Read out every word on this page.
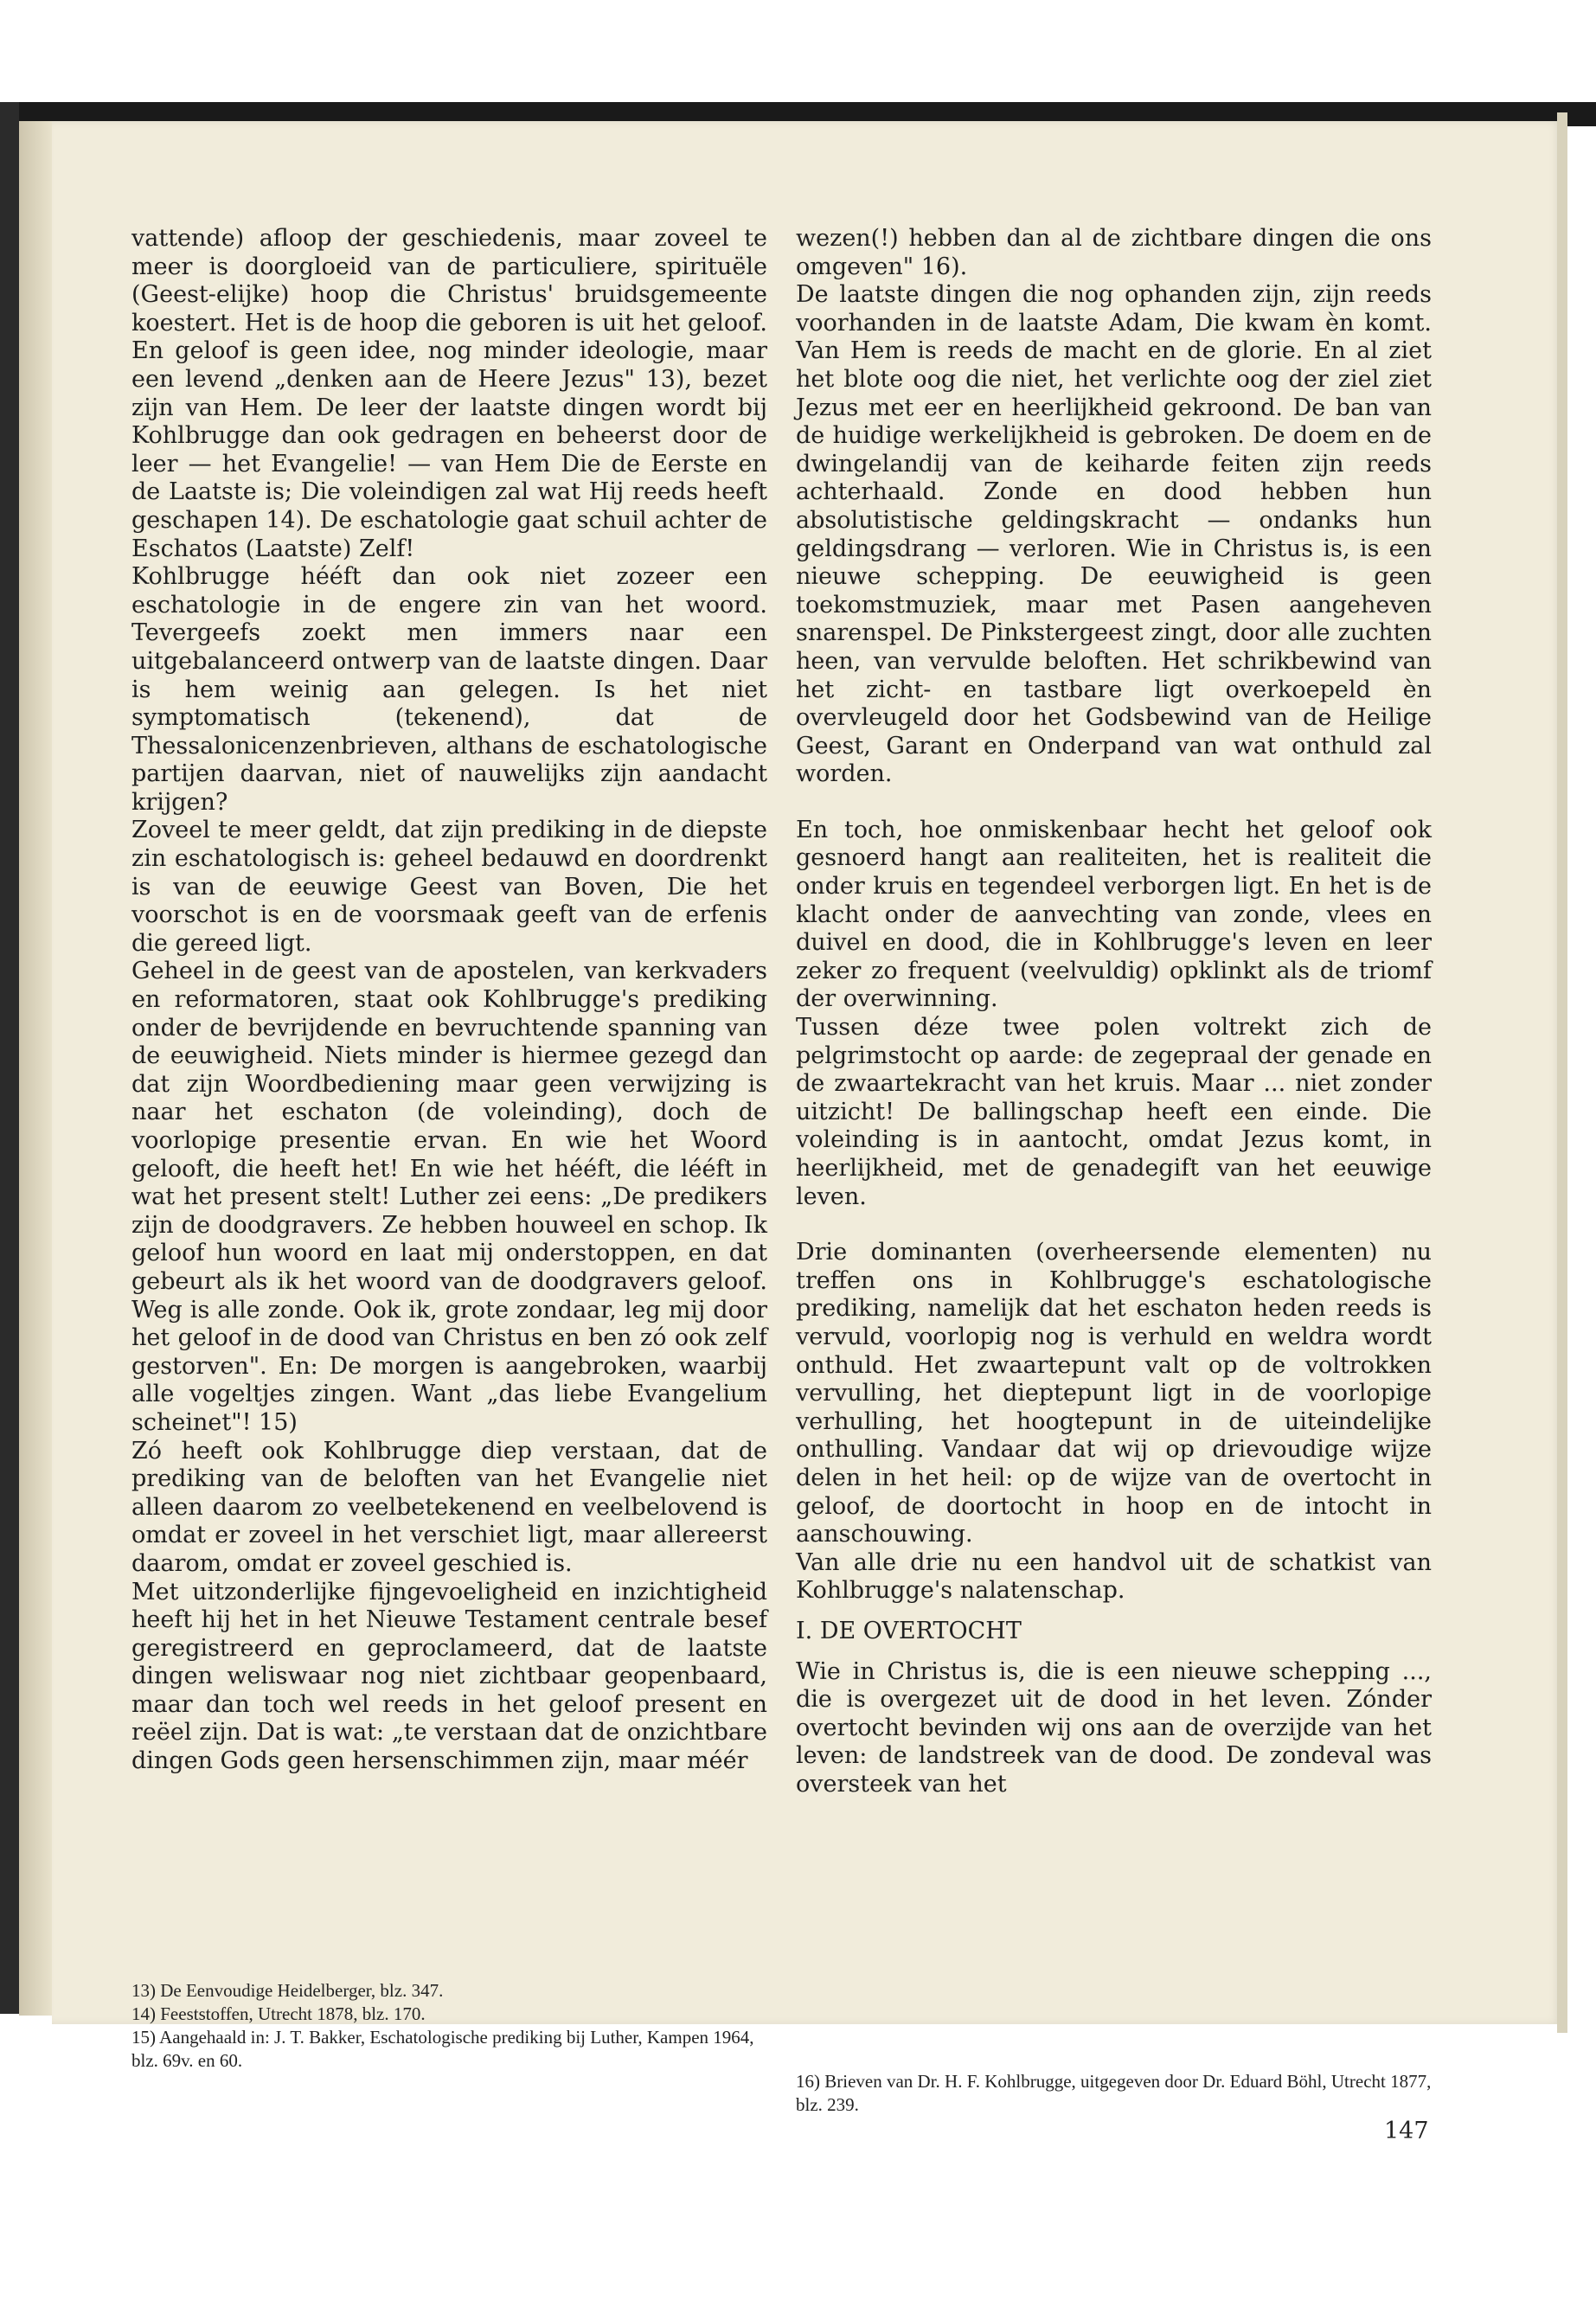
vattende) afloop der geschiedenis, maar zoveel te meer is doorgloeid van de particuliere, spirituële (Geest-elijke) hoop die Christus' bruidsgemeente koestert. Het is de hoop die geboren is uit het geloof. En geloof is geen idee, nog minder ideologie, maar een levend „denken aan de Heere Jezus" 13), bezet zijn van Hem. De leer der laatste dingen wordt bij Kohlbrugge dan ook gedragen en beheerst door de leer — het Evangelie! — van Hem Die de Eerste en de Laatste is; Die voleindigen zal wat Hij reeds heeft geschapen 14). De eschatologie gaat schuil achter de Eschatos (Laatste) Zelf!

Kohlbrugge hééft dan ook niet zozeer een eschatologie in de engere zin van het woord. Tevergeefs zoekt men immers naar een uitgebalanceerd ontwerp van de laatste dingen. Daar is hem weinig aan gelegen. Is het niet symptomatisch (tekenend), dat de Thessalonicenzenbrieven, althans de eschatologische partijen daarvan, niet of nauwelijks zijn aandacht krijgen?

Zoveel te meer geldt, dat zijn prediking in de diepste zin eschatologisch is: geheel bedauwd en doordrenkt is van de eeuwige Geest van Boven, Die het voorschot is en de voorsmaak geeft van de erfenis die gereed ligt.

Geheel in de geest van de apostelen, van kerkvaders en reformatoren, staat ook Kohlbrugge's prediking onder de bevrijdende en bevruchtende spanning van de eeuwigheid. Niets minder is hiermee gezegd dan dat zijn Woordbediening maar geen verwijzing is naar het eschaton (de voleinding), doch de voorlopige presentie ervan. En wie het Woord gelooft, die heeft het! En wie het hééft, die lééft in wat het present stelt! Luther zei eens: „De predikers zijn de doodgravers. Ze hebben houweel en schop. Ik geloof hun woord en laat mij onderstoppen, en dat gebeurt als ik het woord van de doodgravers geloof. Weg is alle zonde. Ook ik, grote zondaar, leg mij door het geloof in de dood van Christus en ben zó ook zelf gestorven". En: De morgen is aangebroken, waarbij alle vogeltjes zingen. Want „das liebe Evangelium scheinet"! 15)

Zó heeft ook Kohlbrugge diep verstaan, dat de prediking van de beloften van het Evangelie niet alleen daarom zo veelbetekenend en veelbelovend is omdat er zoveel in het verschiet ligt, maar allereerst daarom, omdat er zoveel geschied is.

Met uitzonderlijke fijngevoeligheid en inzichtigheid heeft hij het in het Nieuwe Testament centrale besef geregistreerd en geproclameerd, dat de laatste dingen weliswaar nog niet zichtbaar geopenbaard, maar dan toch wel reeds in het geloof present en reëel zijn. Dat is wat: „te verstaan dat de onzichtbare dingen Gods geen hersenschimmen zijn, maar méér

wezen(!) hebben dan al de zichtbare dingen die ons omgeven" 16).

De laatste dingen die nog ophanden zijn, zijn reeds voorhanden in de laatste Adam, Die kwam èn komt. Van Hem is reeds de macht en de glorie. En al ziet het blote oog die niet, het verlichte oog der ziel ziet Jezus met eer en heerlijkheid gekroond. De ban van de huidige werkelijkheid is gebroken. De doem en de dwingelandij van de keiharde feiten zijn reeds achterhaald. Zonde en dood hebben hun absolutistische geldingskracht — ondanks hun geldingsdrang — verloren. Wie in Christus is, is een nieuwe schepping. De eeuwigheid is geen toekomstmuziek, maar met Pasen aangeheven snarenspel. De Pinkstergeest zingt, door alle zuchten heen, van vervulde beloften. Het schrikbewind van het zicht- en tastbare ligt overkoepeld èn overvleugeld door het Godsbewind van de Heilige Geest, Garant en Onderpand van wat onthuld zal worden.

En toch, hoe onmiskenbaar hecht het geloof ook gesnoerd hangt aan realiteiten, het is realiteit die onder kruis en tegendeel verborgen ligt. En het is de klacht onder de aanvechting van zonde, vlees en duivel en dood, die in Kohlbrugge's leven en leer zeker zo frequent (veelvuldig) opklinkt als de triomf der overwinning.

Tussen déze twee polen voltrekt zich de pelgrimstocht op aarde: de zegepraal der genade en de zwaartekracht van het kruis. Maar ... niet zonder uitzicht! De ballingschap heeft een einde. Die voleinding is in aantocht, omdat Jezus komt, in heerlijkheid, met de genadegift van het eeuwige leven.

Drie dominanten (overheersende elementen) nu treffen ons in Kohlbrugge's eschatologische prediking, namelijk dat het eschaton heden reeds is vervuld, voorlopig nog is verhuld en weldra wordt onthuld. Het zwaartepunt valt op de voltrokken vervulling, het dieptepunt ligt in de voorlopige verhulling, het hoogtepunt in de uiteindelijke onthulling. Vandaar dat wij op drievoudige wijze delen in het heil: op de wijze van de overtocht in geloof, de doortocht in hoop en de intocht in aanschouwing.

Van alle drie nu een handvol uit de schatkist van Kohlbrugge's nalatenschap.

I. DE OVERTOCHT

Wie in Christus is, die is een nieuwe schepping ..., die is overgezet uit de dood in het leven. Zónder overtocht bevinden wij ons aan de overzijde van het leven: de landstreek van de dood. De zondeval was oversteek van het

13) De Eenvoudige Heidelberger, blz. 347.
14) Feeststoffen, Utrecht 1878, blz. 170.
15) Aangehaald in: J. T. Bakker, Eschatologische prediking bij Luther, Kampen 1964, blz. 69v. en 60.
16) Brieven van Dr. H. F. Kohlbrugge, uitgegeven door Dr. Eduard Böhl, Utrecht 1877, blz. 239.
147
